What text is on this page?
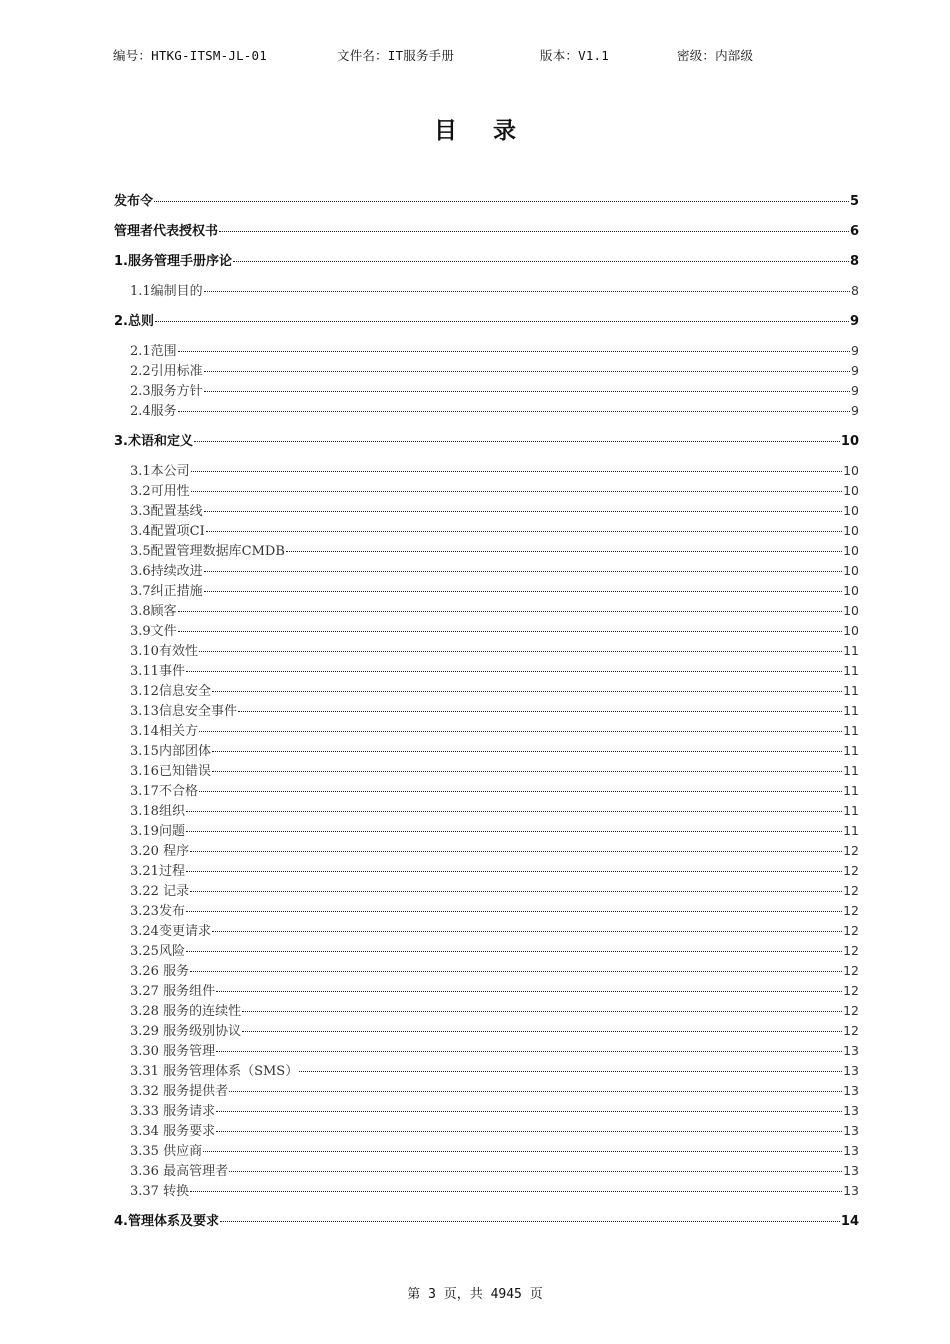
编号：HTKG-ITSM-JL-01	文件名：IT服务手册	版本：V1.1	密级：内部级
目 录
发布令	5
管理者代表授权书	6
1.服务管理手册序论	8
1.1编制目的	8
2.总则	9
2.1范围	9
2.2引用标准	9
2.3服务方针	9
2.4服务	9
3.术语和定义	10
3.1本公司	10
3.2可用性	10
3.3配置基线	10
3.4配置项CI	10
3.5配置管理数据库CMDB	10
3.6持续改进	10
3.7纠正措施	10
3.8顾客	10
3.9文件	10
3.10有效性	11
3.11事件	11
3.12信息安全	11
3.13信息安全事件	11
3.14相关方	11
3.15内部团体	11
3.16已知错误	11
3.17不合格	11
3.18组织	11
3.19问题	11
3.20 程序	12
3.21过程	12
3.22 记录	12
3.23发布	12
3.24变更请求	12
3.25风险	12
3.26 服务	12
3.27 服务组件	12
3.28 服务的连续性	12
3.29 服务级别协议	12
3.30 服务管理	13
3.31 服务管理体系（SMS）	13
3.32 服务提供者	13
3.33 服务请求	13
3.34 服务要求	13
3.35 供应商	13
3.36 最高管理者	13
3.37 转换	13
4.管理体系及要求	14
第 3 页，共 4945 页
